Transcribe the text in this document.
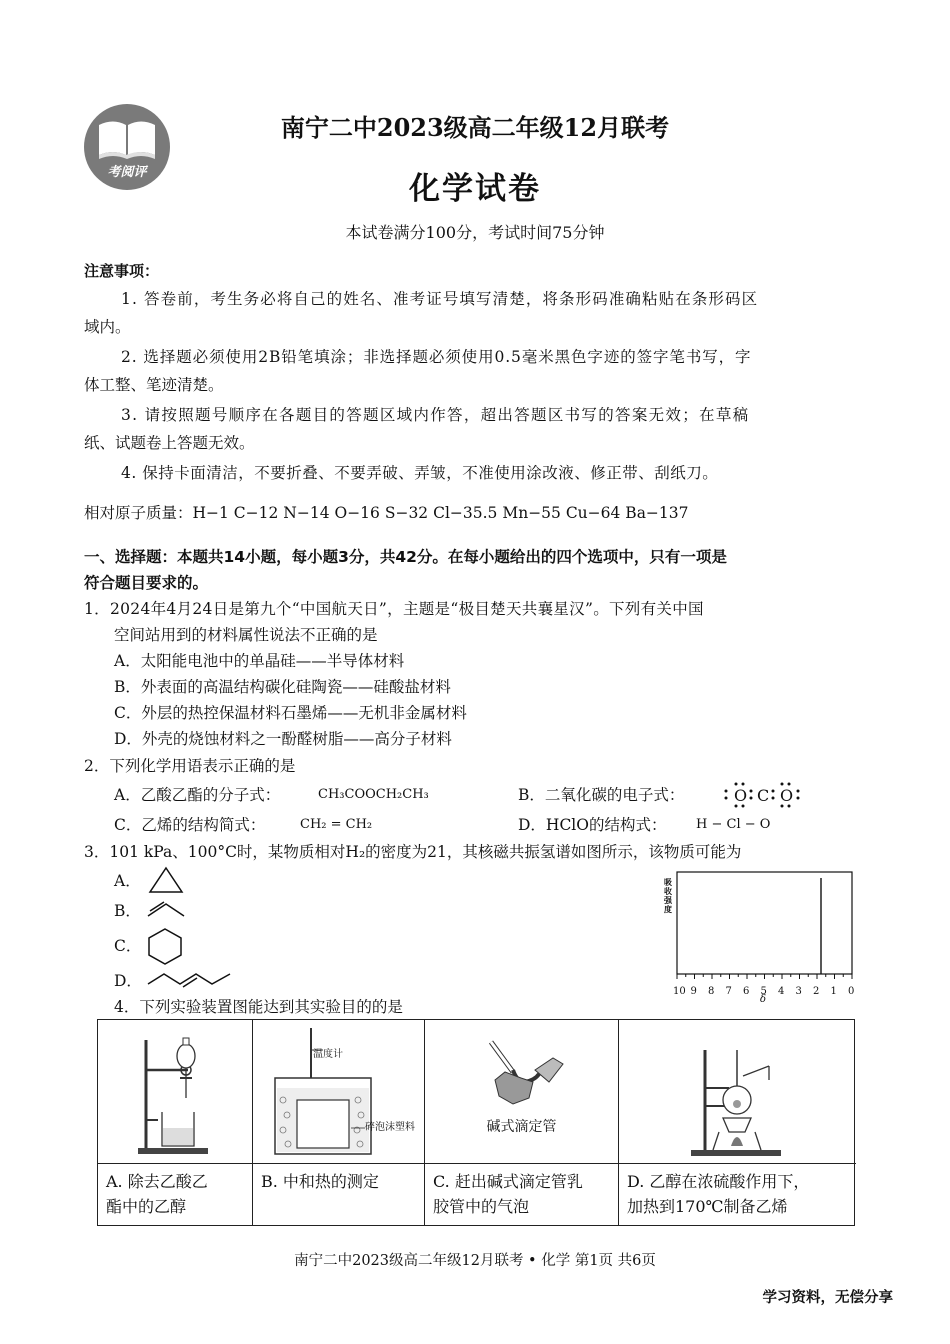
考阅评
南宁二中2023级高二年级12月联考
化学试卷
本试卷满分100分，考试时间75分钟
注意事项：
1. 答卷前，考生务必将自己的姓名、准考证号填写清楚，将条形码准确粘贴在条形码区
域内。
2. 选择题必须使用2B铅笔填涂；非选择题必须使用0.5毫米黑色字迹的签字笔书写，字
体工整、笔迹清楚。
3. 请按照题号顺序在各题目的答题区域内作答，超出答题区书写的答案无效；在草稿
纸、试题卷上答题无效。
4. 保持卡面清洁，不要折叠、不要弄破、弄皱，不准使用涂改液、修正带、刮纸刀。
相对原子质量：H−1 C−12 N−14 O−16 S−32 Cl−35.5 Mn−55 Cu−64 Ba−137
一、选择题：本题共14小题，每小题3分，共42分。在每小题给出的四个选项中，只有一项是
符合题目要求的。
1．2024年4月24日是第九个“中国航天日”，主题是“极目楚天共襄星汉”。下列有关中国
空间站用到的材料属性说法不正确的是
A．太阳能电池中的单晶硅——半导体材料
B．外表面的高温结构碳化硅陶瓷——硅酸盐材料
C．外层的热控保温材料石墨烯——无机非金属材料
D．外壳的烧蚀材料之一酚醛树脂——高分子材料
2．下列化学用语表示正确的是
A．乙酸乙酯的分子式：	CH₃COOCH₂CH₃	B．二氧化碳的电子式：	O C O
C．乙烯的结构简式：	CH₂ = CH₂	D．HClO的结构式： H − Cl − O
3．101 kPa、100°C时，某物质相对H₂的密度为21，其核磁共振氢谱如图所示，该物质可能为
A．
B．
C．
D．
吸收强度
10 9 8 7 6 5 4 3 2 1 0
δ
4．下列实验装置图能达到其实验目的的是
A. 除去乙酸乙
酯中的乙醇
温度计
碎泡沫塑料
B. 中和热的测定
碱式滴定管
C. 赶出碱式滴定管乳
胶管中的气泡
D. 乙醇在浓硫酸作用下，
加热到170℃制备乙烯
南宁二中2023级高二年级12月联考 • 化学 第1页 共6页
学习资料，无偿分享
